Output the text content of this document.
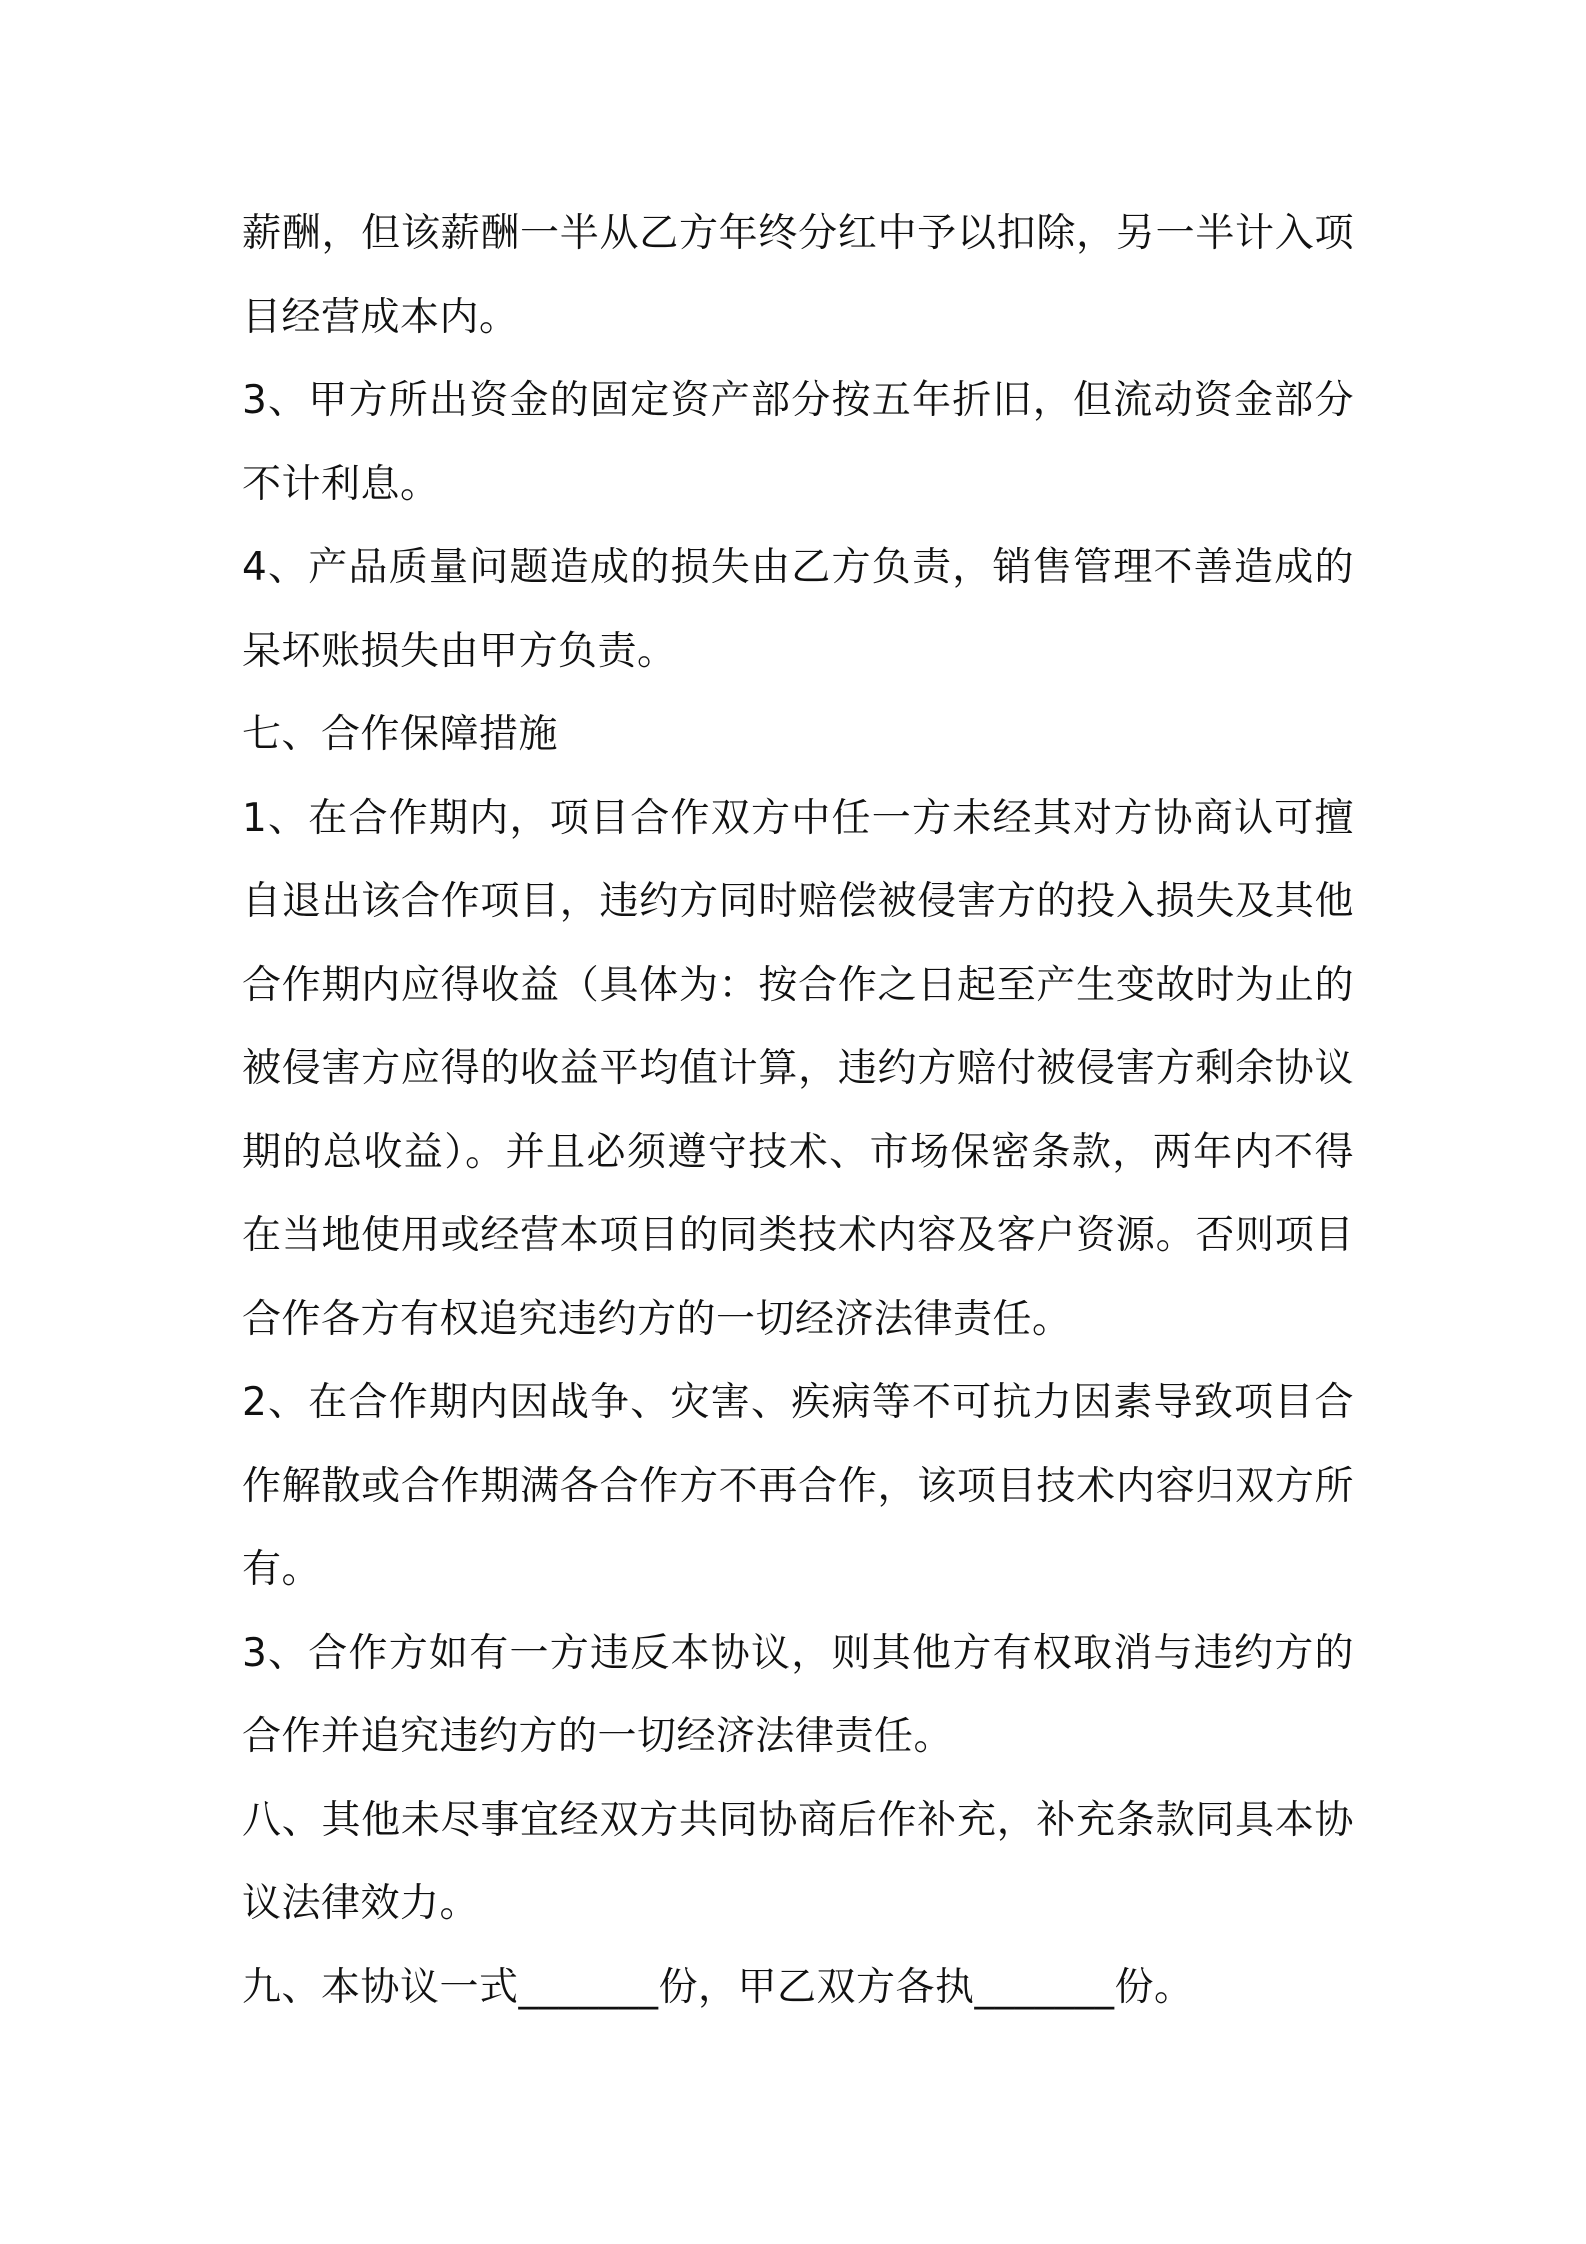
薪酬，但该薪酬一半从乙方年终分红中予以扣除，另一半计入项
目经营成本内。
3、甲方所出资金的固定资产部分按五年折旧，但流动资金部分
不计利息。
4、产品质量问题造成的损失由乙方负责，销售管理不善造成的
呆坏账损失由甲方负责。
七、合作保障措施
1、在合作期内，项目合作双方中任一方未经其对方协商认可擅
自退出该合作项目，违约方同时赔偿被侵害方的投入损失及其他
合作期内应得收益（具体为：按合作之日起至产生变故时为止的
被侵害方应得的收益平均值计算，违约方赔付被侵害方剩余协议
期的总收益）。并且必须遵守技术、市场保密条款，两年内不得
在当地使用或经营本项目的同类技术内容及客户资源。否则项目
合作各方有权追究违约方的一切经济法律责任。
2、在合作期内因战争、灾害、疾病等不可抗力因素导致项目合
作解散或合作期满各合作方不再合作，该项目技术内容归双方所
有。
3、合作方如有一方违反本协议，则其他方有权取消与违约方的
合作并追究违约方的一切经济法律责任。
八、其他未尽事宜经双方共同协商后作补充，补充条款同具本协
议法律效力。
九、本协议一式_______份，甲乙双方各执_______份。
